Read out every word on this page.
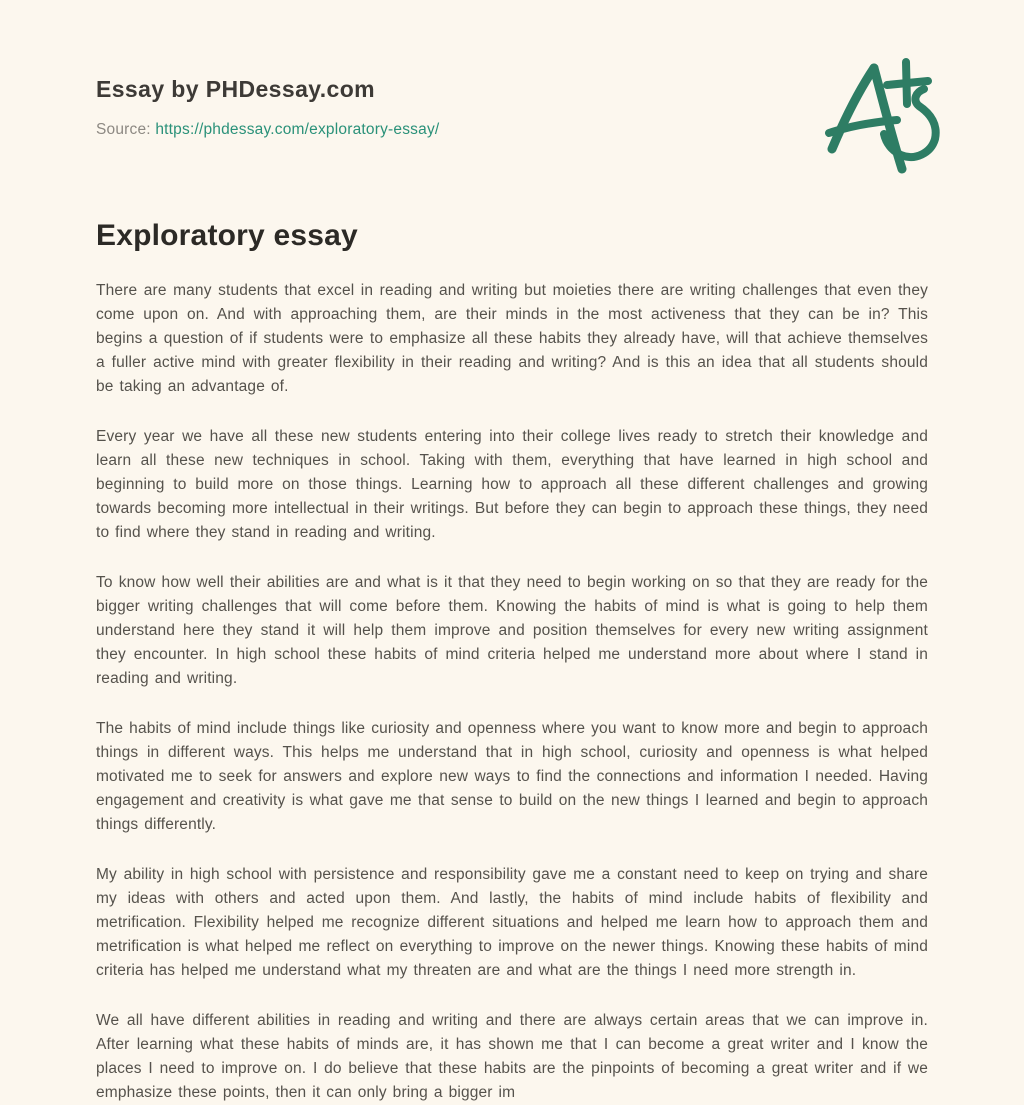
Essay by PHDessay.com

Source: https://phdessay.com/exploratory-essay/

Exploratory essay

There are many students that excel in reading and writing but moieties there are writing challenges that even they come upon on. And with approaching them, are their minds in the most activeness that they can be in? This begins a question of if students were to emphasize all these habits they already have, will that achieve themselves a fuller active mind with greater flexibility in their reading and writing? And is this an idea that all students should be taking an advantage of.

Every year we have all these new students entering into their college lives ready to stretch their knowledge and learn all these new techniques in school. Taking with them, everything that have learned in high school and beginning to build more on those things. Learning how to approach all these different challenges and growing towards becoming more intellectual in their writings. But before they can begin to approach these things, they need to find where they stand in reading and writing.

To know how well their abilities are and what is it that they need to begin working on so that they are ready for the bigger writing challenges that will come before them. Knowing the habits of mind is what is going to help them understand here they stand it will help them improve and position themselves for every new writing assignment they encounter. In high school these habits of mind criteria helped me understand more about where I stand in reading and writing.

The habits of mind include things like curiosity and openness where you want to know more and begin to approach things in different ways. This helps me understand that in high school, curiosity and openness is what helped motivated me to seek for answers and explore new ways to find the connections and information I needed. Having engagement and creativity is what gave me that sense to build on the new things I learned and begin to approach things differently.

My ability in high school with persistence and responsibility gave me a constant need to keep on trying and share my ideas with others and acted upon them. And lastly, the habits of mind include habits of flexibility and metrification. Flexibility helped me recognize different situations and helped me learn how to approach them and metrification is what helped me reflect on everything to improve on the newer things. Knowing these habits of mind criteria has helped me understand what my threaten are and what are the things I need more strength in.

We all have different abilities in reading and writing and there are always certain areas that we can improve in. After learning what these habits of minds are, it has shown me that I can become a great writer and I know the places I need to improve on. I do believe that these habits are the pinpoints of becoming a great writer and if we emphasize these points, then it can only bring a bigger im
